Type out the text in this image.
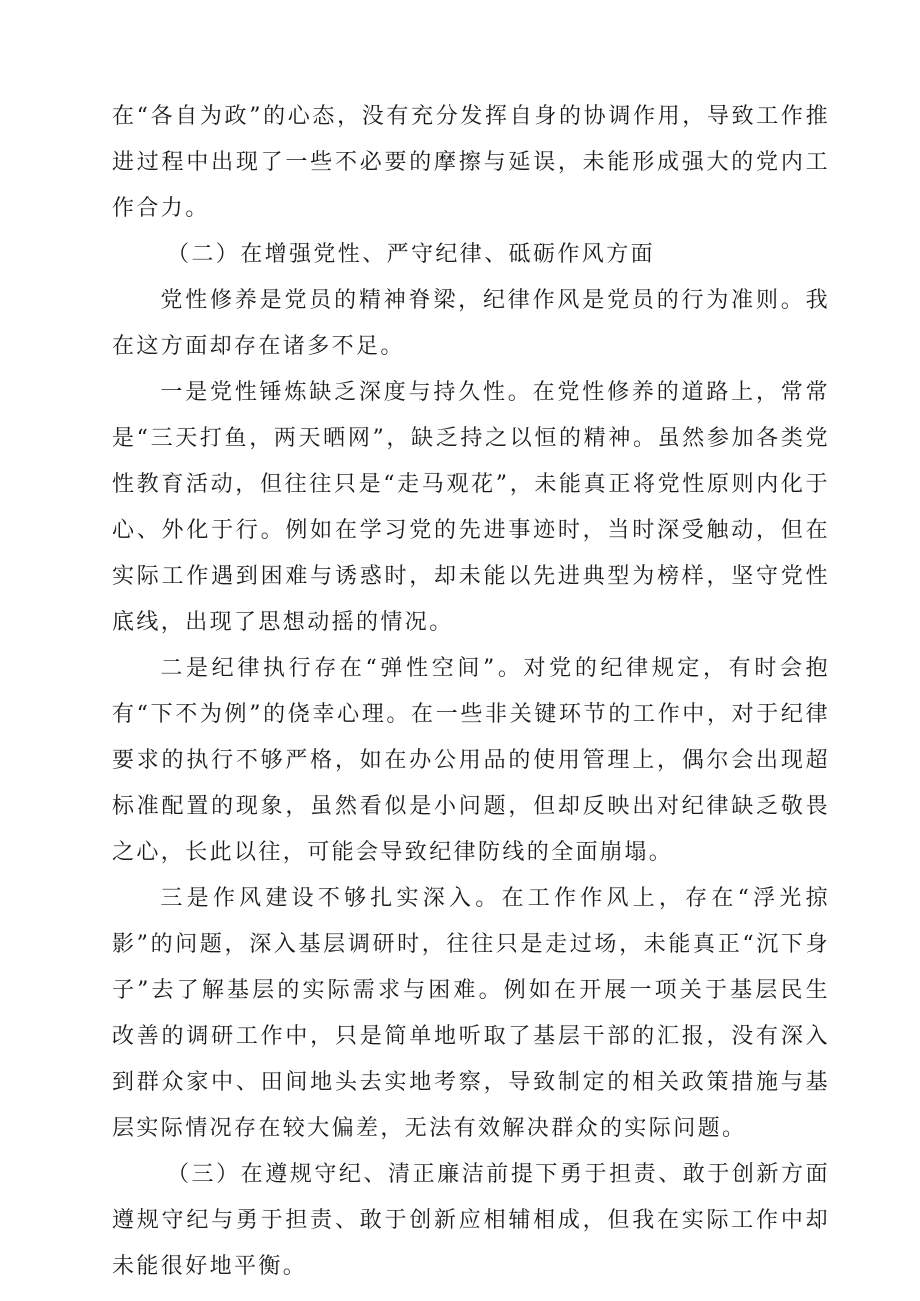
在“各自为政”的心态，没有充分发挥自身的协调作用，导致工作推进过程中出现了一些不必要的摩擦与延误，未能形成强大的党内工作合力。

（二）在增强党性、严守纪律、砥砺作风方面

党性修养是党员的精神脊梁，纪律作风是党员的行为准则。我在这方面却存在诸多不足。

一是党性锤炼缺乏深度与持久性。在党性修养的道路上，常常是“三天打鱼，两天晒网”，缺乏持之以恒的精神。虽然参加各类党性教育活动，但往往只是“走马观花”，未能真正将党性原则内化于心、外化于行。例如在学习党的先进事迹时，当时深受触动，但在实际工作遇到困难与诱惑时，却未能以先进典型为榜样，坚守党性底线，出现了思想动摇的情况。

二是纪律执行存在“弹性空间”。对党的纪律规定，有时会抱有“下不为例”的侥幸心理。在一些非关键环节的工作中，对于纪律要求的执行不够严格，如在办公用品的使用管理上，偶尔会出现超标准配置的现象，虽然看似是小问题，但却反映出对纪律缺乏敬畏之心，长此以往，可能会导致纪律防线的全面崩塌。

三是作风建设不够扎实深入。在工作作风上，存在“浮光掠影”的问题，深入基层调研时，往往只是走过场，未能真正“沉下身子”去了解基层的实际需求与困难。例如在开展一项关于基层民生改善的调研工作中，只是简单地听取了基层干部的汇报，没有深入到群众家中、田间地头去实地考察，导致制定的相关政策措施与基层实际情况存在较大偏差，无法有效解决群众的实际问题。

（三）在遵规守纪、清正廉洁前提下勇于担责、敢于创新方面遵规守纪与勇于担责、敢于创新应相辅相成，但我在实际工作中却未能很好地平衡。
